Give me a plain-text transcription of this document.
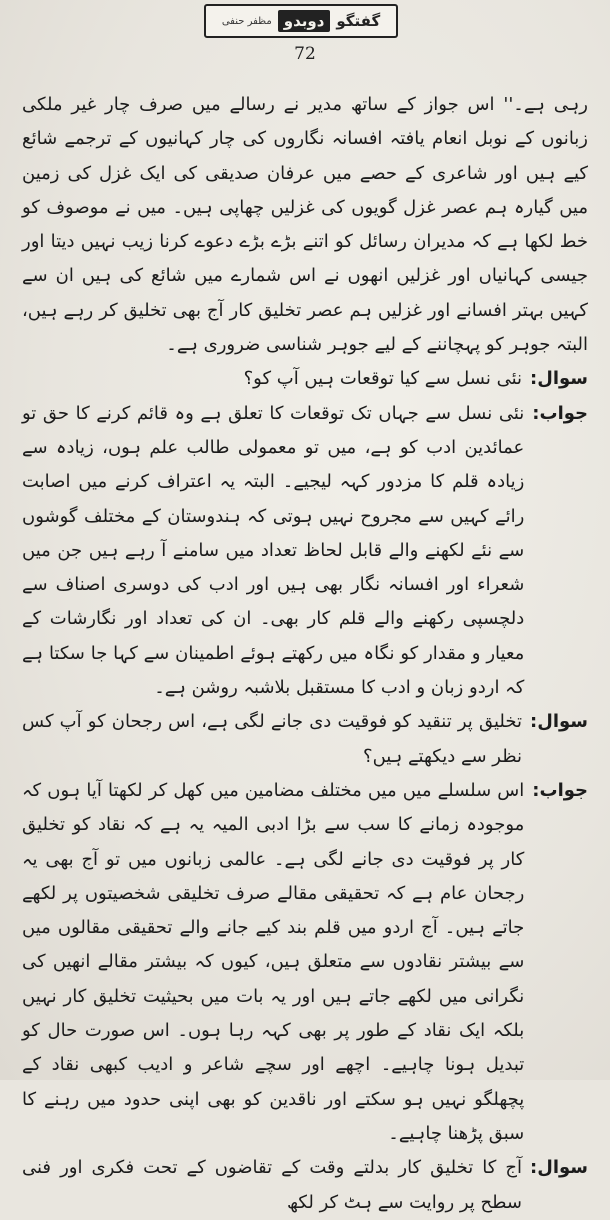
گفتگو
دوبدو
مظفر حنفی
72

رہی ہے۔'' اس جواز کے ساتھ مدیر نے رسالے میں صرف چار غیر ملکی زبانوں کے نوبل انعام یافتہ افسانہ نگاروں کی چار کہانیوں کے ترجمے شائع کیے ہیں اور شاعری کے حصے میں عرفان صدیقی کی ایک غزل کی زمین میں گیارہ ہم عصر غزل گویوں کی غزلیں چھاپی ہیں۔ میں نے موصوف کو خط لکھا ہے کہ مدیران رسائل کو اتنے بڑے بڑے دعوے کرنا زیب نہیں دیتا اور جیسی کہانیاں اور غزلیں انھوں نے اس شمارے میں شائع کی ہیں ان سے کہیں بہتر افسانے اور غزلیں ہم عصر تخلیق کار آج بھی تخلیق کر رہے ہیں، البتہ جوہر کو پہچاننے کے لیے جوہر شناسی ضروری ہے۔

سوال:
نئی نسل سے کیا توقعات ہیں آپ کو؟
جواب:
نئی نسل سے جہاں تک توقعات کا تعلق ہے وہ قائم کرنے کا حق تو عمائدین ادب کو ہے، میں تو معمولی طالب علم ہوں، زیادہ سے زیادہ قلم کا مزدور کہہ لیجیے۔ البتہ یہ اعتراف کرنے میں اصابت رائے کہیں سے مجروح نہیں ہوتی کہ ہندوستان کے مختلف گوشوں سے نئے لکھنے والے قابل لحاظ تعداد میں سامنے آ رہے ہیں جن میں شعراء اور افسانہ نگار بھی ہیں اور ادب کی دوسری اصناف سے دلچسپی رکھنے والے قلم کار بھی۔ ان کی تعداد اور نگارشات کے معیار و مقدار کو نگاہ میں رکھتے ہوئے اطمینان سے کہا جا سکتا ہے کہ اردو زبان و ادب کا مستقبل بلاشبہ روشن ہے۔
سوال:
تخلیق پر تنقید کو فوقیت دی جانے لگی ہے، اس رجحان کو آپ کس نظر سے دیکھتے ہیں؟
جواب:
اس سلسلے میں میں مختلف مضامین میں کھل کر لکھتا آیا ہوں کہ موجودہ زمانے کا سب سے بڑا ادبی المیہ یہ ہے کہ نقاد کو تخلیق کار پر فوقیت دی جانے لگی ہے۔ عالمی زبانوں میں تو آج بھی یہ رجحان عام ہے کہ تحقیقی مقالے صرف تخلیقی شخصیتوں پر لکھے جاتے ہیں۔ آج اردو میں قلم بند کیے جانے والے تحقیقی مقالوں میں سے بیشتر نقادوں سے متعلق ہیں، کیوں کہ بیشتر مقالے انھیں کی نگرانی میں لکھے جاتے ہیں اور یہ بات میں بحیثیت تخلیق کار نہیں بلکہ ایک نقاد کے طور پر بھی کہہ رہا ہوں۔ اس صورت حال کو تبدیل ہونا چاہیے۔ اچھے اور سچے شاعر و ادیب کبھی نقاد کے پچھلگو نہیں ہو سکتے اور ناقدین کو بھی اپنی حدود میں رہنے کا سبق پڑھنا چاہیے۔
سوال:
آج کا تخلیق کار بدلتے وقت کے تقاضوں کے تحت فکری اور فنی سطح پر روایت سے ہٹ کر لکھ
